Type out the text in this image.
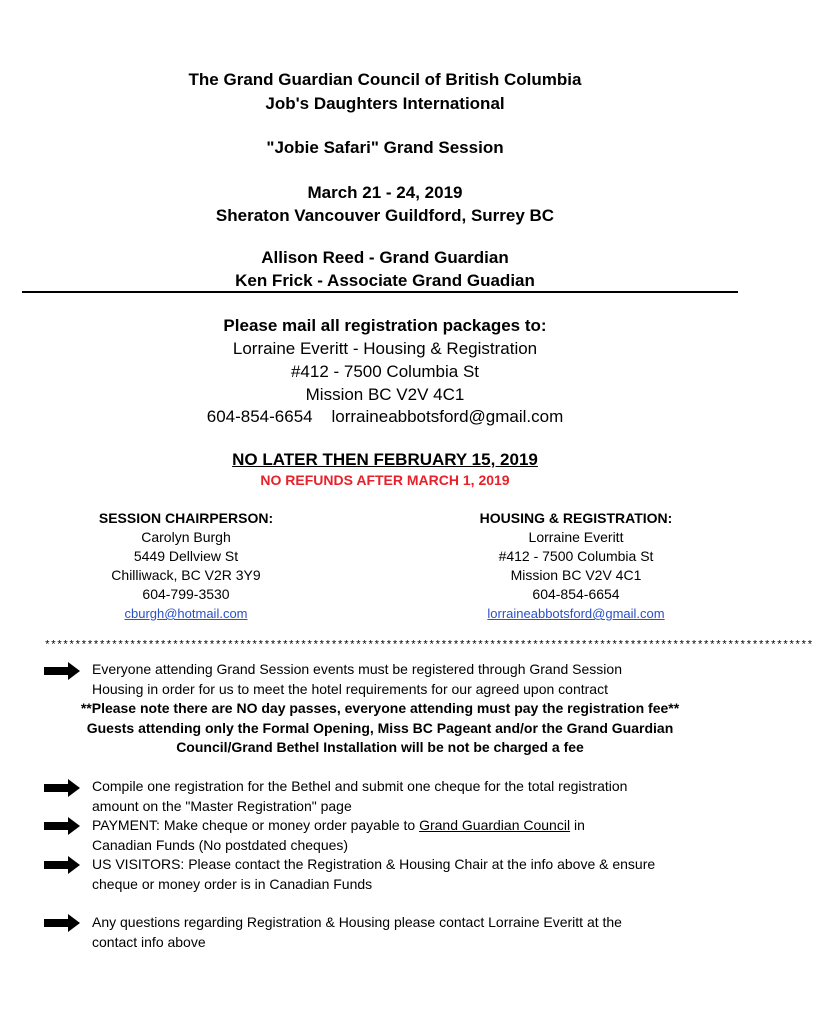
The Grand Guardian Council of British Columbia
Job's Daughters International
"Jobie Safari" Grand Session
March 21 - 24, 2019
Sheraton Vancouver Guildford, Surrey BC
Allison Reed - Grand Guardian
Ken Frick - Associate Grand Guadian
Please mail all registration packages to:
Lorraine Everitt - Housing & Registration
#412 - 7500 Columbia St
Mission BC V2V 4C1
604-854-6654    lorraineabbotsford@gmail.com
NO LATER THEN FEBRUARY 15, 2019
NO REFUNDS AFTER MARCH 1, 2019
SESSION CHAIRPERSON:
Carolyn Burgh
5449 Dellview St
Chilliwack, BC V2R 3Y9
604-799-3530
cburgh@hotmail.com
HOUSING & REGISTRATION:
Lorraine Everitt
#412 - 7500 Columbia St
Mission BC V2V 4C1
604-854-6654
lorraineabbotsford@gmail.com
******************************************************************************************************************************
Everyone attending Grand Session events must be registered through Grand Session
Housing in order for us to meet the hotel requirements for our agreed upon contract
**Please note there are NO day passes, everyone attending must pay the registration fee**
Guests attending only the Formal Opening, Miss BC Pageant and/or the Grand Guardian
Council/Grand Bethel Installation will be not be charged a fee
Compile one registration for the Bethel and submit one cheque for the total registration
amount on the "Master Registration" page
PAYMENT: Make cheque or money order payable to Grand Guardian Council in
Canadian Funds (No postdated cheques)
US VISITORS: Please contact the Registration & Housing Chair at the info above & ensure
cheque or money order is in Canadian Funds
Any questions regarding Registration & Housing please contact Lorraine Everitt at the
contact info above
